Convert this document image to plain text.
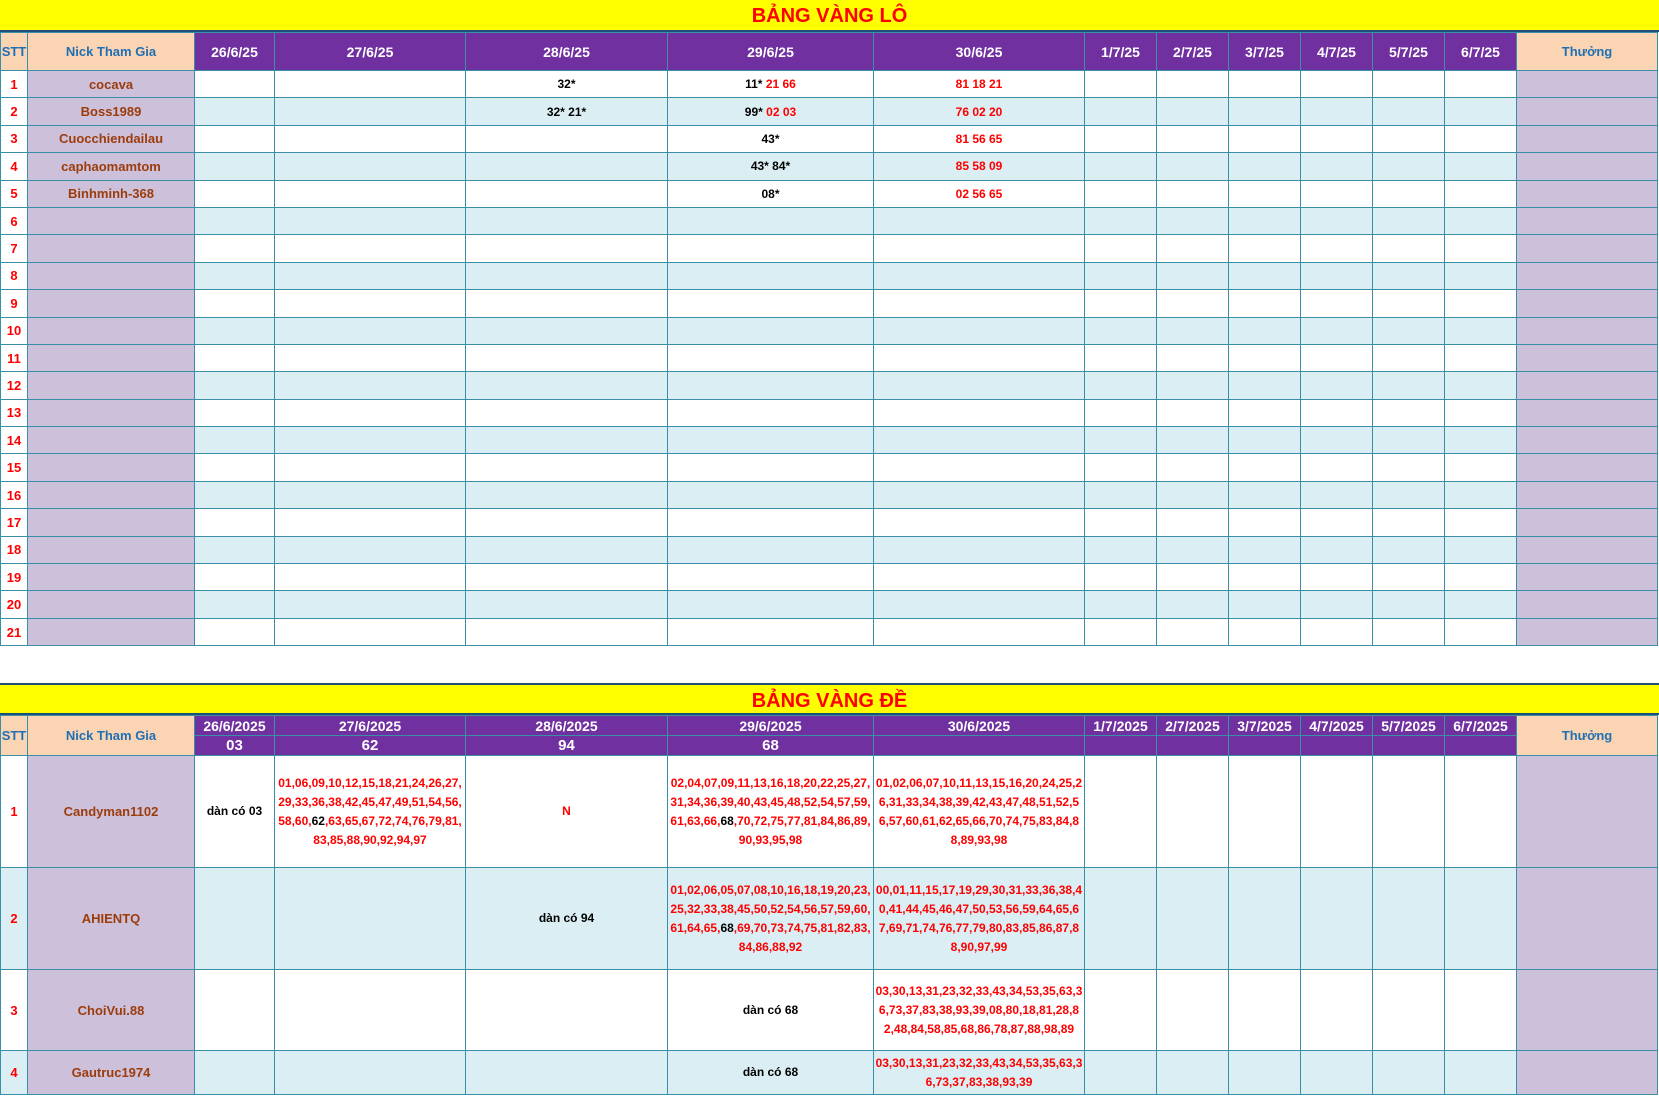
BẢNG VÀNG LÔ
STT	Nick Tham Gia	26/6/25	27/6/25	28/6/25	29/6/25	30/6/25	1/7/25	2/7/25	3/7/25	4/7/25	5/7/25	6/7/25	Thưởng
1	cocava			32*	11* 21 66	81 18 21							
2	Boss1989			32* 21*	99* 02 03	76 02 20							
3	Cuocchiendailau				43*	81 56 65							
4	caphaomamtom				43* 84*	85 58 09							
5	Binhminh-368				08*	02 56 65							
6													
7													
8													
9													
10													
11													
12													
13													
14													
15													
16													
17													
18													
19													
20													
21													
BẢNG VÀNG ĐỀ
STT	Nick Tham Gia	26/6/2025	27/6/2025	28/6/2025	29/6/2025	30/6/2025	1/7/2025	2/7/2025	3/7/2025	4/7/2025	5/7/2025	6/7/2025	Thưởng
		03	62	94	68								
1	Candyman1102	dàn có 03	01,06,09,10,12,15,18,21,24,26,27,29,33,36,38,42,45,47,49,51,54,56,58,60,62,63,65,67,72,74,76,79,81,83,85,88,90,92,94,97	N	02,04,07,09,11,13,16,18,20,22,25,27,31,34,36,39,40,43,45,48,52,54,57,59,61,63,66,68,70,72,75,77,81,84,86,89,90,93,95,98	01,02,06,07,10,11,13,15,16,20,24,25,26,31,33,34,38,39,42,43,47,48,51,52,56,57,60,61,62,65,66,70,74,75,83,84,88,89,93,98							
2	AHIENTQ			dàn có 94	01,02,06,05,07,08,10,16,18,19,20,23,25,32,33,38,45,50,52,54,56,57,59,60,61,64,65,68,69,70,73,74,75,81,82,83,84,86,88,92	00,01,11,15,17,19,29,30,31,33,36,38,40,41,44,45,46,47,50,53,56,59,64,65,67,69,71,74,76,77,79,80,83,85,86,87,88,90,97,99							
3	ChoiVui.88				dàn có 68	03,30,13,31,23,32,33,43,34,53,35,63,36,73,37,83,38,93,39,08,80,18,81,28,82,48,84,58,85,68,86,78,87,88,98,89							
4	Gautruc1974				dàn có 68	03,30,13,31,23,32,33,43,34,53,35,63,36,73,37,83,38,93,39							
